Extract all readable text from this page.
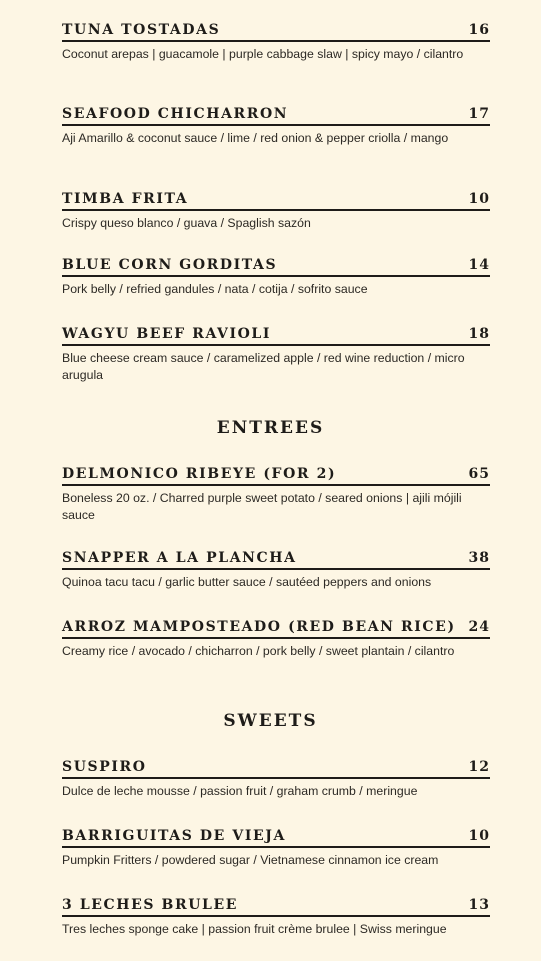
TUNA TOSTADAS	16
Coconut arepas | guacamole | purple cabbage slaw | spicy mayo / cilantro
SEAFOOD CHICHARRON	17
Aji Amarillo & coconut sauce / lime / red onion & pepper criolla / mango
TIMBA FRITA	10
Crispy queso blanco / guava / Spaglish sazón
BLUE CORN GORDITAS	14
Pork belly / refried gandules / nata / cotija / sofrito sauce
WAGYU BEEF RAVIOLI	18
Blue cheese cream sauce / caramelized apple / red wine reduction / micro arugula
ENTREES
DELMONICO RIBEYE (FOR 2)	65
Boneless 20 oz. / Charred purple sweet potato / seared onions | ajili mójili sauce
SNAPPER A LA PLANCHA	38
Quinoa tacu tacu / garlic butter sauce / sautéed peppers and onions
ARROZ MAMPOSTEADO (RED BEAN RICE) 24
Creamy rice / avocado / chicharron / pork belly / sweet plantain / cilantro
SWEETS
SUSPIRO	12
Dulce de leche mousse / passion fruit / graham crumb / meringue
BARRIGUITAS DE VIEJA	10
Pumpkin Fritters / powdered sugar / Vietnamese cinnamon ice cream
3 LECHES BRULEE	13
Tres leches sponge cake | passion fruit crème brulee | Swiss meringue
